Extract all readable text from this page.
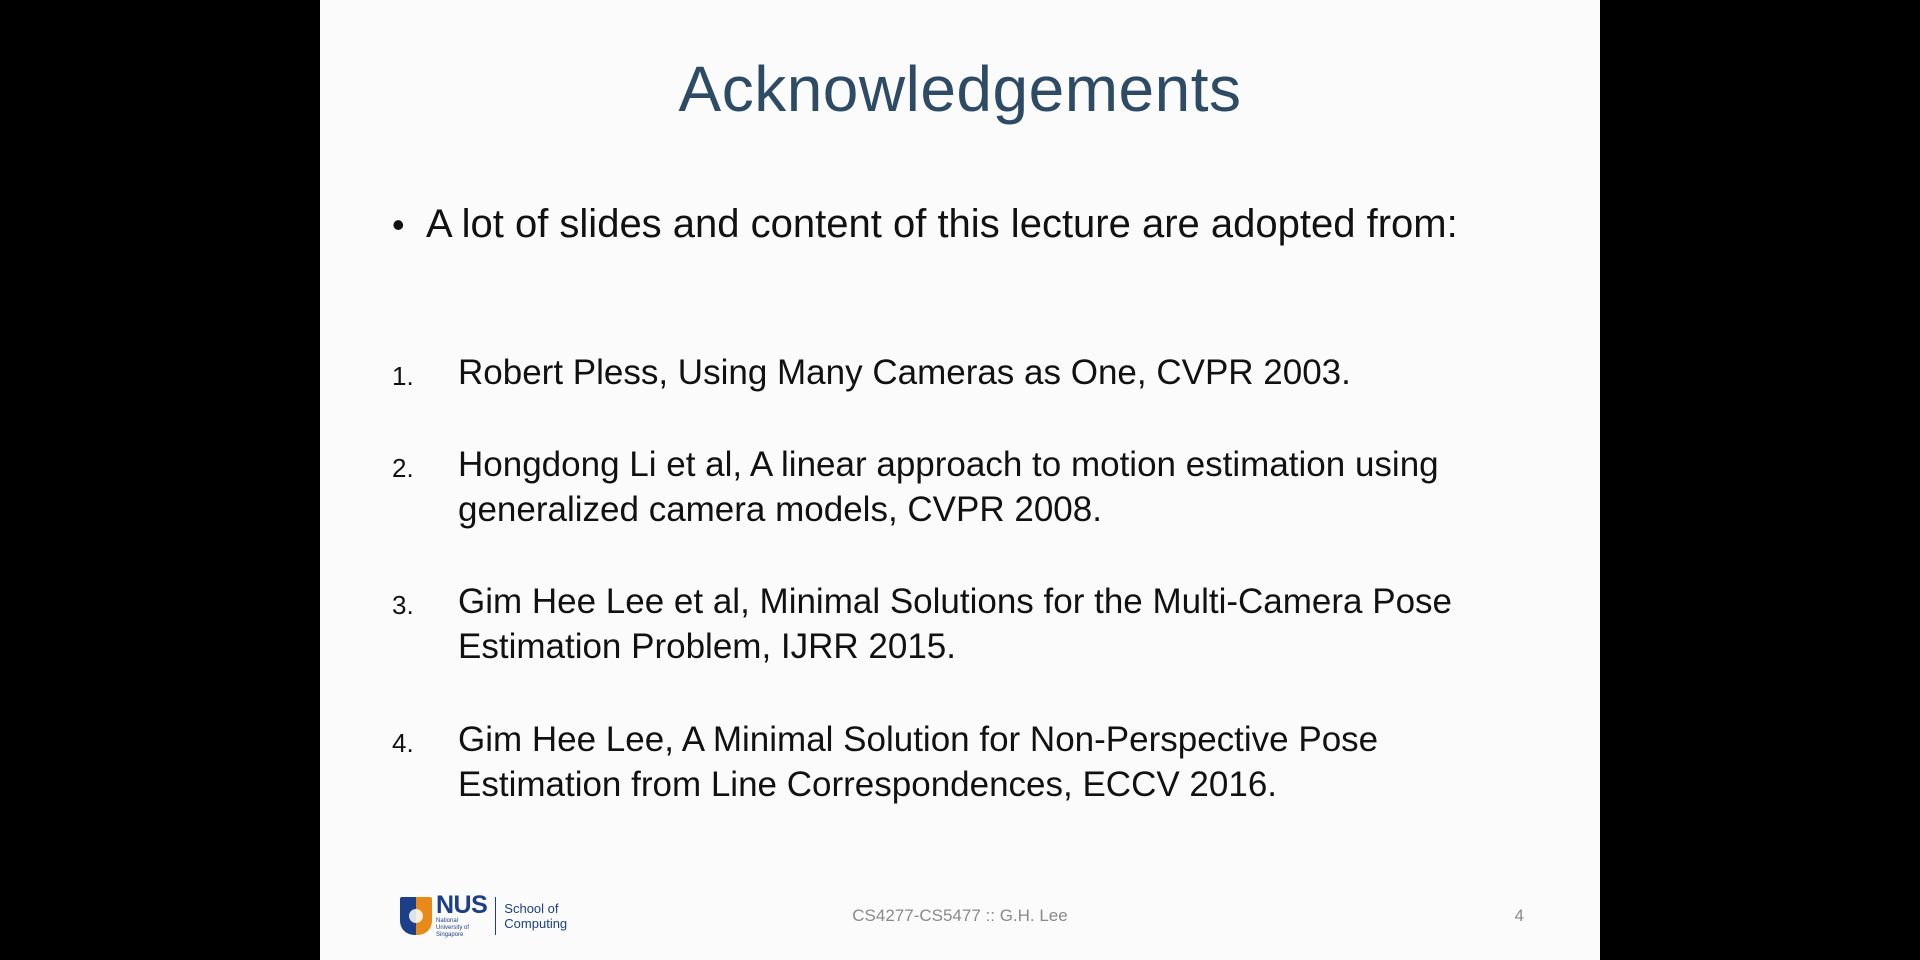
Acknowledgements
• A lot of slides and content of this lecture are adopted from:
1.	Robert Pless, Using Many Cameras as One, CVPR 2003.
2.	Hongdong Li et al, A linear approach to motion estimation using generalized camera models, CVPR 2008.
3.	Gim Hee Lee et al, Minimal Solutions for the Multi-Camera Pose Estimation Problem, IJRR 2015.
4.	Gim Hee Lee, A Minimal Solution for Non-Perspective Pose Estimation from Line Correspondences, ECCV 2016.
NUS
National University of Singapore
School of Computing	CS4277-CS5477 :: G.H. Lee	4
